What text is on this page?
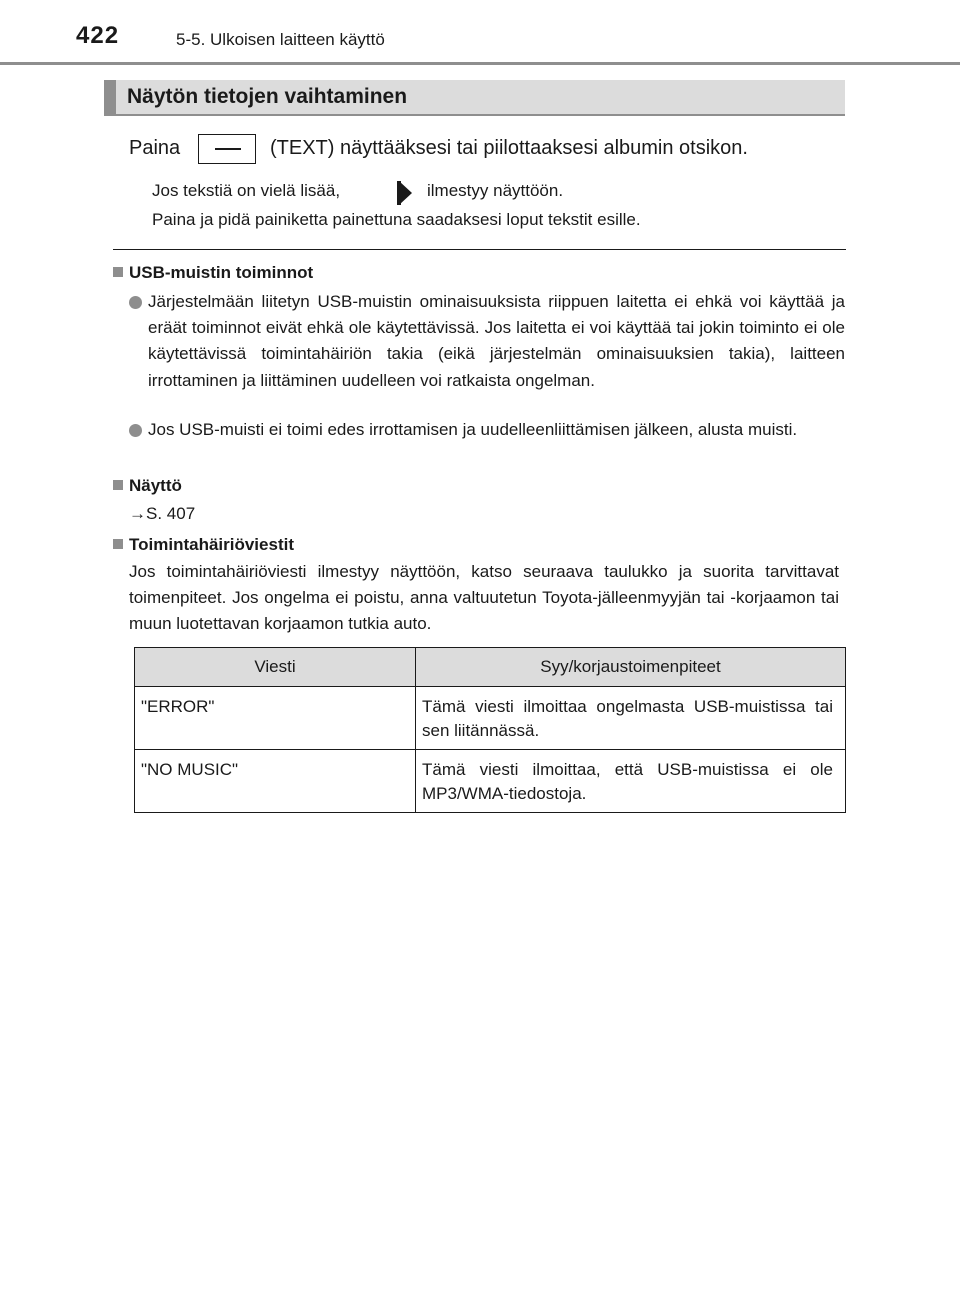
422	5-5. Ulkoisen laitteen käyttö
Näytön tietojen vaihtaminen
Paina	(TEXT) näyttääksesi tai piilottaaksesi albumin otsikon.
Jos tekstiä on vielä lisää,	ilmestyy näyttöön.
Paina ja pidä painiketta painettuna saadaksesi loput tekstit esille.
USB-muistin toiminnot
Järjestelmään liitetyn USB-muistin ominaisuuksista riippuen laitetta ei ehkä voi käyttää ja eräät toiminnot eivät ehkä ole käytettävissä. Jos laitetta ei voi käyttää tai jokin toiminto ei ole käytettävissä toimintahäiriön takia (eikä järjestelmän ominaisuuksien takia), laitteen irrottaminen ja liittäminen uudelleen voi ratkaista ongelman.
Jos USB-muisti ei toimi edes irrottamisen ja uudelleenliittämisen jälkeen, alusta muisti.
Näyttö
→S. 407
Toimintahäiriöviestit
Jos toimintahäiriöviesti ilmestyy näyttöön, katso seuraava taulukko ja suorita tarvittavat toimenpiteet. Jos ongelma ei poistu, anna valtuutetun Toyota-jälleenmyyjän tai -korjaamon tai muun luotettavan korjaamon tutkia auto.
Viesti	Syy/korjaustoimenpiteet
"ERROR"	Tämä viesti ilmoittaa ongelmasta USB-muistissa tai sen liitännässä.
"NO MUSIC"	Tämä viesti ilmoittaa, että USB-muistissa ei ole MP3/WMA-tiedostoja.
